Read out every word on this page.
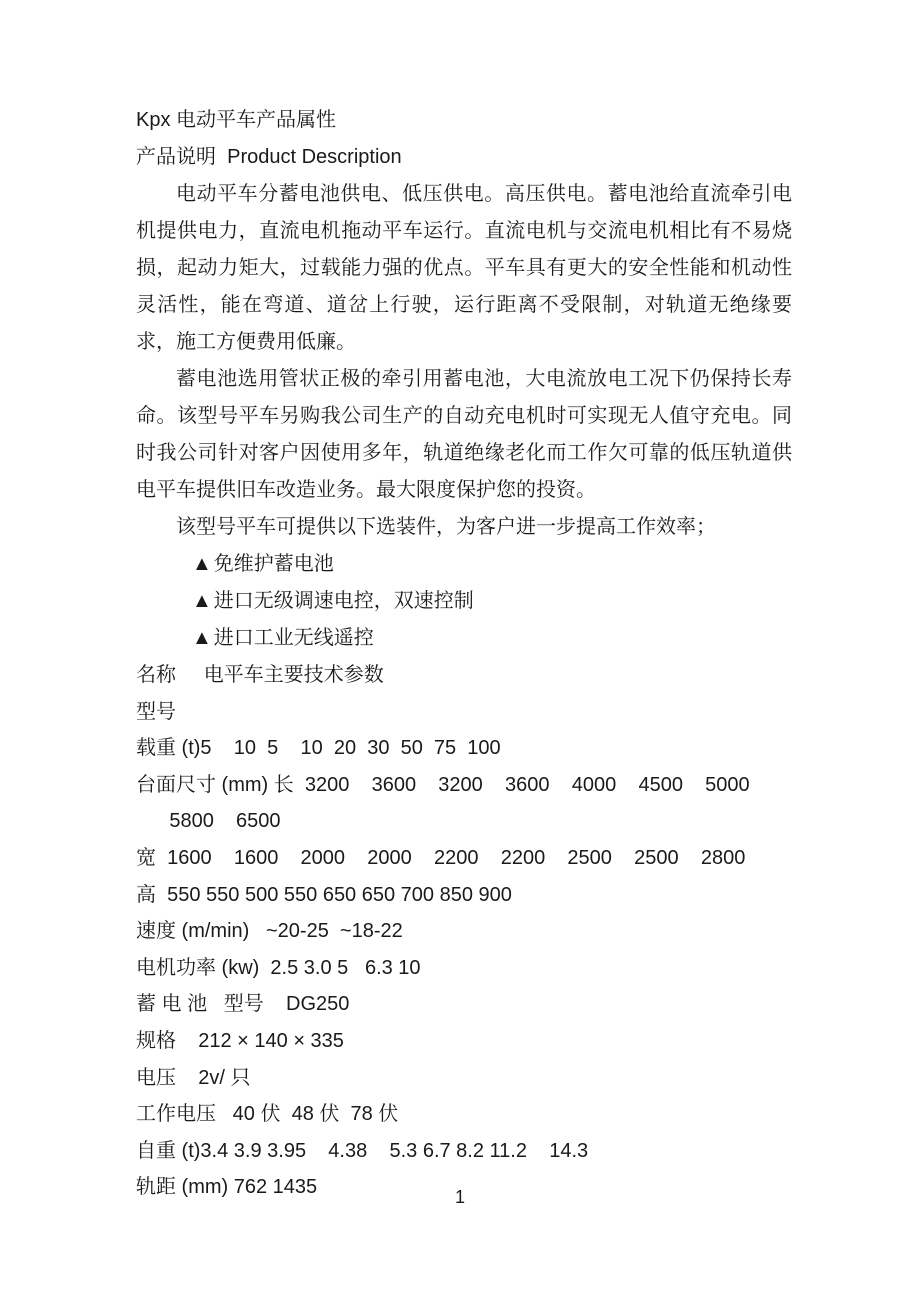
Kpx 电动平车产品属性
产品说明  Product Description

电动平车分蓄电池供电、低压供电。高压供电。蓄电池给直流牵引电机提供电力，直流电机拖动平车运行。直流电机与交流电机相比有不易烧损，起动力矩大，过载能力强的优点。平车具有更大的安全性能和机动性灵活性，能在弯道、道岔上行驶，运行距离不受限制，对轨道无绝缘要求，施工方便费用低廉。

蓄电池选用管状正极的牵引用蓄电池，大电流放电工况下仍保持长寿命。该型号平车另购我公司生产的自动充电机时可实现无人值守充电。同时我公司针对客户因使用多年，轨道绝缘老化而工作欠可靠的低压轨道供电平车提供旧车改造业务。最大限度保护您的投资。

该型号平车可提供以下选装件，为客户进一步提高工作效率；

▲ 免维护蓄电池
▲ 进口无级调速电控，双速控制
▲ 进口工业无线遥控
名称     电平车主要技术参数
型号
载重 (t)5    10  5    10  20  30  50  75  100
台面尺寸 (mm) 长  3200    3600    3200    3600    4000    4500    5000
5800    6500
宽  1600    1600    2000    2000    2200    2200    2500    2500    2800
高  550 550 500 550 650 650 700 850 900
速度 (m/min)   ~20-25  ~18-22
电机功率 (kw)  2.5 3.0 5   6.3 10
蓄 电 池   型号    DG250
规格    212 × 140 × 335
电压    2v/ 只
工作电压   40 伏  48 伏  78 伏
自重 (t)3.4 3.9 3.95    4.38    5.3 6.7 8.2 11.2    14.3
轨距 (mm) 762 1435	1
